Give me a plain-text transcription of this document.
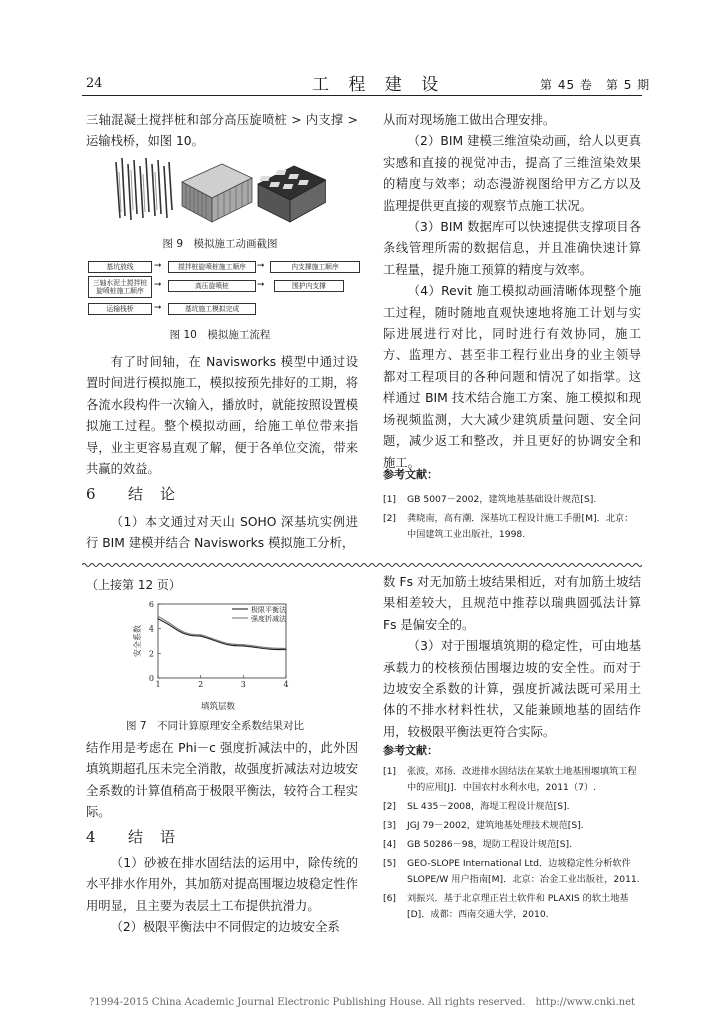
24	工 程 建 设	第 45 卷　第 5 期

三轴混凝土搅拌桩和部分高压旋喷桩 > 内支撑 > 运输栈桥，如图 10。

图 9　模拟施工动画截图
基坑放线	➞	搅拌桩旋喷桩施工顺序	➞	内支撑施工顺序
三轴水泥土搅拌桩
旋喷桩施工顺序
➞	高压旋喷桩	➞	围护内支撑
运输栈桥	➞	基坑施工模拟完成
图 10　模拟施工流程

有了时间轴，在 Navisworks 模型中通过设置时间进行模拟施工，模拟按预先排好的工期，将各流水段构件一次输入，播放时，就能按照设置模拟施工过程。整个模拟动画，给施工单位带来指导，业主更容易直观了解，便于各单位交流，带来共赢的效益。

6 结　论

（1）本文通过对天山 SOHO 深基坑实例进行 BIM 建模并结合 Navisworks 模拟施工分析，

从而对现场施工做出合理安排。

（2）BIM 建模三维渲染动画，给人以更真实感和直接的视觉冲击，提高了三维渲染效果的精度与效率；动态漫游视图给甲方乙方以及监理提供更直接的观察节点施工状况。

（3）BIM 数据库可以快速提供支撑项目各条线管理所需的数据信息，并且准确快速计算工程量，提升施工预算的精度与效率。

（4）Revit 施工模拟动画清晰体现整个施工过程，随时随地直观快速地将施工计划与实际进展进行对比，同时进行有效协同，施工方、监理方、甚至非工程行业出身的业主领导都对工程项目的各种问题和情况了如指掌。这样通过 BIM 技术结合施工方案、施工模拟和现场视频监测，大大减少建筑质量问题、安全问题，减少返工和整改，并且更好的协调安全和施工。

参考文献：
[1]	GB 5007－2002，建筑地基基础设计规范[S].
[2]	龚晓南，高有潮．深基坑工程设计施工手册[M]．北京：中国建筑工业出版社，1998.
（上接第 12 页）
0
2
4
6
1	2	3	4
安全系数
极限平衡法
强度折减法
填筑层数
图 7　不同计算原理安全系数结果对比

结作用是考虑在 Phi－c 强度折减法中的，此外因填筑期超孔压未完全消散，故强度折减法对边坡安全系数的计算值稍高于极限平衡法，较符合工程实际。

4 结　语

（1）砂被在排水固结法的运用中，除传统的水平排水作用外，其加筋对提高围堰边坡稳定性作用明显，且主要为表层土工布提供抗滑力。

（2）极限平衡法中不同假定的边坡安全系

数 Fs 对无加筋土坡结果相近，对有加筋土坡结果相差较大，且规范中推荐以瑞典圆弧法计算 Fs 是偏安全的。

（3）对于围堰填筑期的稳定性，可由地基承载力的校核预估围堰边坡的安全性。而对于边坡安全系数的计算，强度折减法既可采用土体的不排水材料性状，又能兼顾地基的固结作用，较极限平衡法更符合实际。

参考文献：
[1]	张波，邓扬．改进排水固结法在某软土地基围堰填筑工程中的应用[J]．中国农村水利水电，2011（7）.
[2]	SL 435－2008，海堤工程设计规范[S].
[3]	JGJ 79－2002，建筑地基处理技术规范[S].
[4]	GB 50286－98，堤防工程设计规范[S].
[5]	GEO-SLOPE International Ltd．边坡稳定性分析软件 SLOPE/W 用户指南[M]．北京：冶金工业出版社，2011.
[6]	刘振兴．基于北京理正岩土软件和 PLAXIS 的软土地基[D]．成都：西南交通大学，2010.
?1994-2015 China Academic Journal Electronic Publishing House. All rights reserved.　http://www.cnki.net
